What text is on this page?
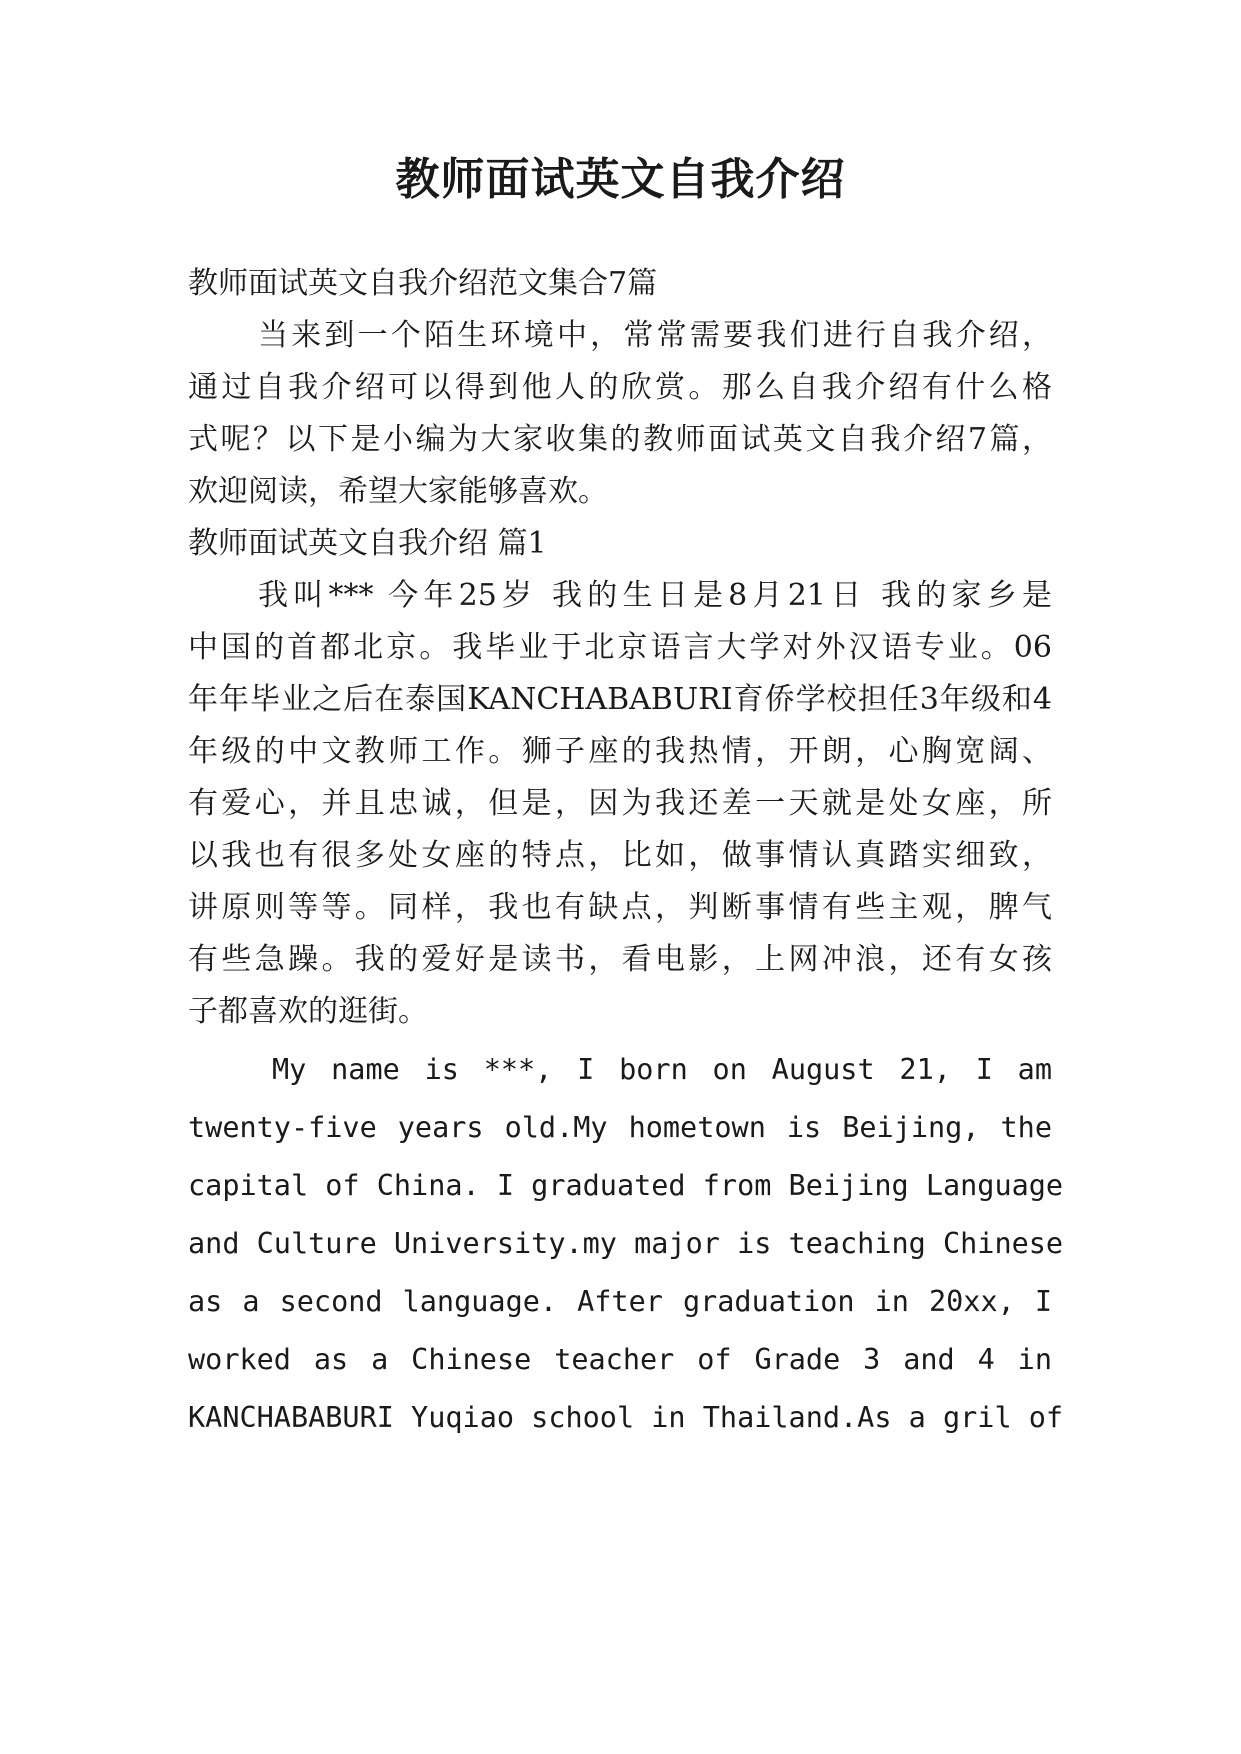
教师面试英文自我介绍

教师面试英文自我介绍范文集合7篇

当来到一个陌生环境中，常常需要我们进行自我介绍，

通过自我介绍可以得到他人的欣赏。那么自我介绍有什么格

式呢？以下是小编为大家收集的教师面试英文自我介绍7篇，

欢迎阅读，希望大家能够喜欢。

教师面试英文自我介绍 篇1

我叫*** 今年25岁 我的生日是8月21日 我的家乡是

中国的首都北京。我毕业于北京语言大学对外汉语专业。06

年年毕业之后在泰国KANCHABABURI育侨学校担任3年级和4

年级的中文教师工作。狮子座的我热情，开朗，心胸宽阔、

有爱心，并且忠诚，但是，因为我还差一天就是处女座，所

以我也有很多处女座的特点，比如，做事情认真踏实细致，

讲原则等等。同样，我也有缺点，判断事情有些主观，脾气

有些急躁。我的爱好是读书，看电影，上网冲浪，还有女孩

子都喜欢的逛街。

My name is ***, I born on August 21, I am

twenty-five years old.My hometown is Beijing, the

capital of China. I graduated from Beijing Language

and Culture University.my major is teaching Chinese

as a second language. After graduation in 20xx, I

worked as a Chinese teacher of Grade 3 and 4 in

KANCHABABURI Yuqiao school in Thailand.As a gril of
